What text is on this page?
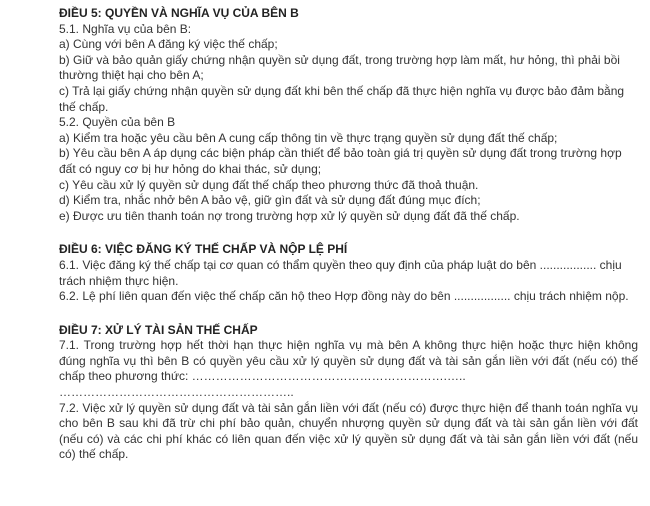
ĐIỀU 5: QUYỀN VÀ NGHĨA VỤ CỦA BÊN B

5.1. Nghĩa vụ của bên B:

a) Cùng với bên A đăng ký việc thế chấp;

b) Giữ và bảo quản giấy chứng nhận quyền sử dụng đất, trong trường hợp làm mất, hư hỏng, thì phải bồi thường thiệt hại cho bên A;

c) Trả lại giấy chứng nhận quyền sử dụng đất khi bên thế chấp đã thực hiện nghĩa vụ được bảo đảm bằng thế chấp.

5.2. Quyền của bên B

a) Kiểm tra hoặc yêu cầu bên A cung cấp thông tin về thực trạng quyền sử dụng đất thế chấp;

b) Yêu cầu bên A áp dụng các biện pháp cần thiết để bảo toàn giá trị quyền sử dụng đất trong trường hợp đất có nguy cơ bị hư hỏng do khai thác, sử dụng;

c) Yêu cầu xử lý quyền sử dụng đất thế chấp theo phương thức đã thoả thuận.

d) Kiểm tra, nhắc nhở bên A bảo vệ, giữ gìn đất và sử dụng đất đúng mục đích;

e) Được ưu tiên thanh toán nợ trong trường hợp xử lý quyền sử dụng đất đã thế chấp.

ĐIỀU 6: VIỆC ĐĂNG KÝ THẾ CHẤP VÀ NỘP LỆ PHÍ

6.1. Việc đăng ký thế chấp tại cơ quan có thẩm quyền theo quy định của pháp luật do bên ................. chịu trách nhiệm thực hiện.

6.2. Lệ phí liên quan đến việc thế chấp căn hộ theo Hợp đồng này do bên ................. chịu trách nhiệm nộp.

ĐIỀU 7: XỬ LÝ TÀI SẢN THẾ CHẤP

7.1. Trong trường hợp hết thời hạn thực hiện nghĩa vụ mà bên A không thực hiện hoặc thực hiện không đúng nghĩa vụ thì bên B có quyền yêu cầu xử lý quyền sử dụng đất và tài sản gắn liền với đất (nếu có) thế chấp theo phương thức: ……………………………………………………….…..

…………………………………………………..

7.2. Việc xử lý quyền sử dụng đất và tài sản gắn liền với đất (nếu có) được thực hiện để thanh toán nghĩa vụ cho bên B sau khi đã trừ chi phí bảo quản, chuyển nhượng quyền sử dụng đất và tài sản gắn liền với đất (nếu có) và các chi phí khác có liên quan đến việc xử lý quyền sử dụng đất và tài sản gắn liền với đất (nếu có) thế chấp.
